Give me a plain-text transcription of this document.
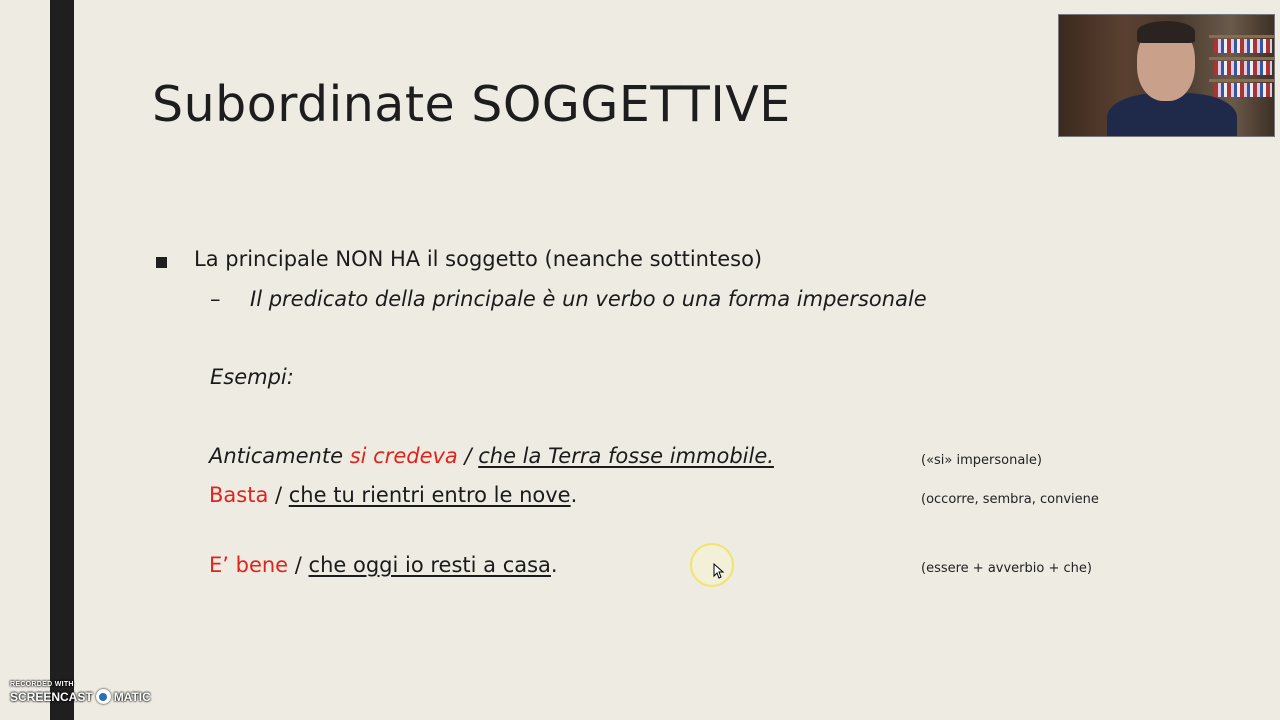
Subordinate SOGGETTIVE
La principale NON HA il soggetto (neanche sottinteso)
– Il predicato della principale è un verbo o una forma impersonale
Esempi:
Anticamente si credeva / che la Terra fosse immobile.	(«si» impersonale)
Basta / che tu rientri entro le nove.	(occorre, sembra, conviene
E’ bene / che oggi io resti a casa.	(essere + avverbio + che)
RECORDED WITH
SCREENCAST MATIC
